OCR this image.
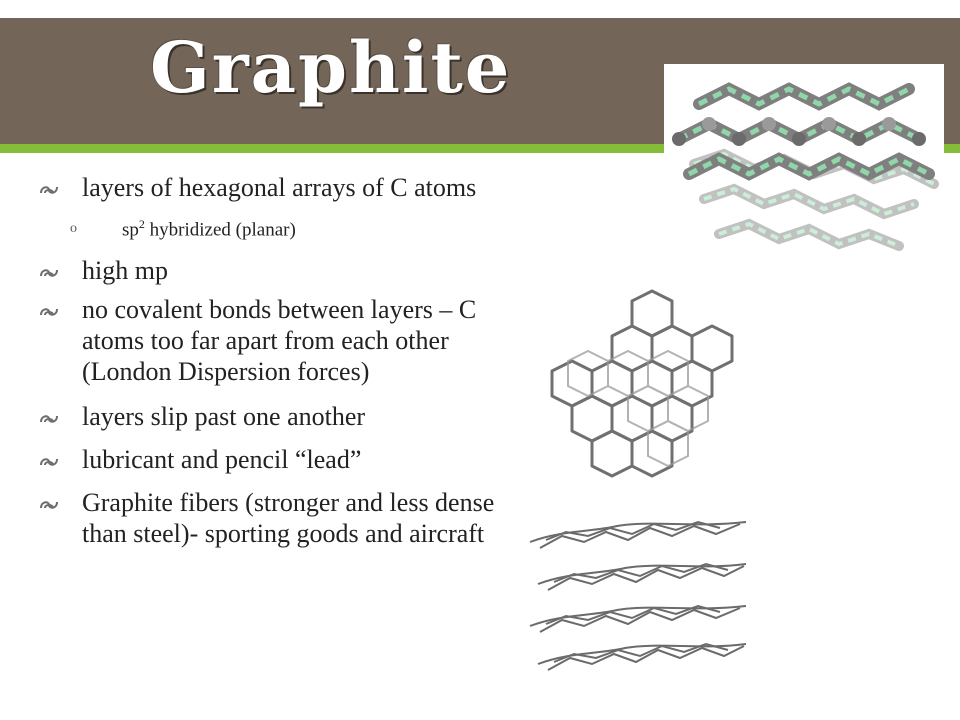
Graphite
layers of hexagonal arrays of C atoms
o $sp^2$ hybridized (planar)
high mp
no covalent bonds between layers – C atoms too far apart from each other (London Dispersion forces)
layers slip past one another
lubricant and pencil “lead”
Graphite fibers (stronger and less dense than steel)- sporting goods and aircraft
